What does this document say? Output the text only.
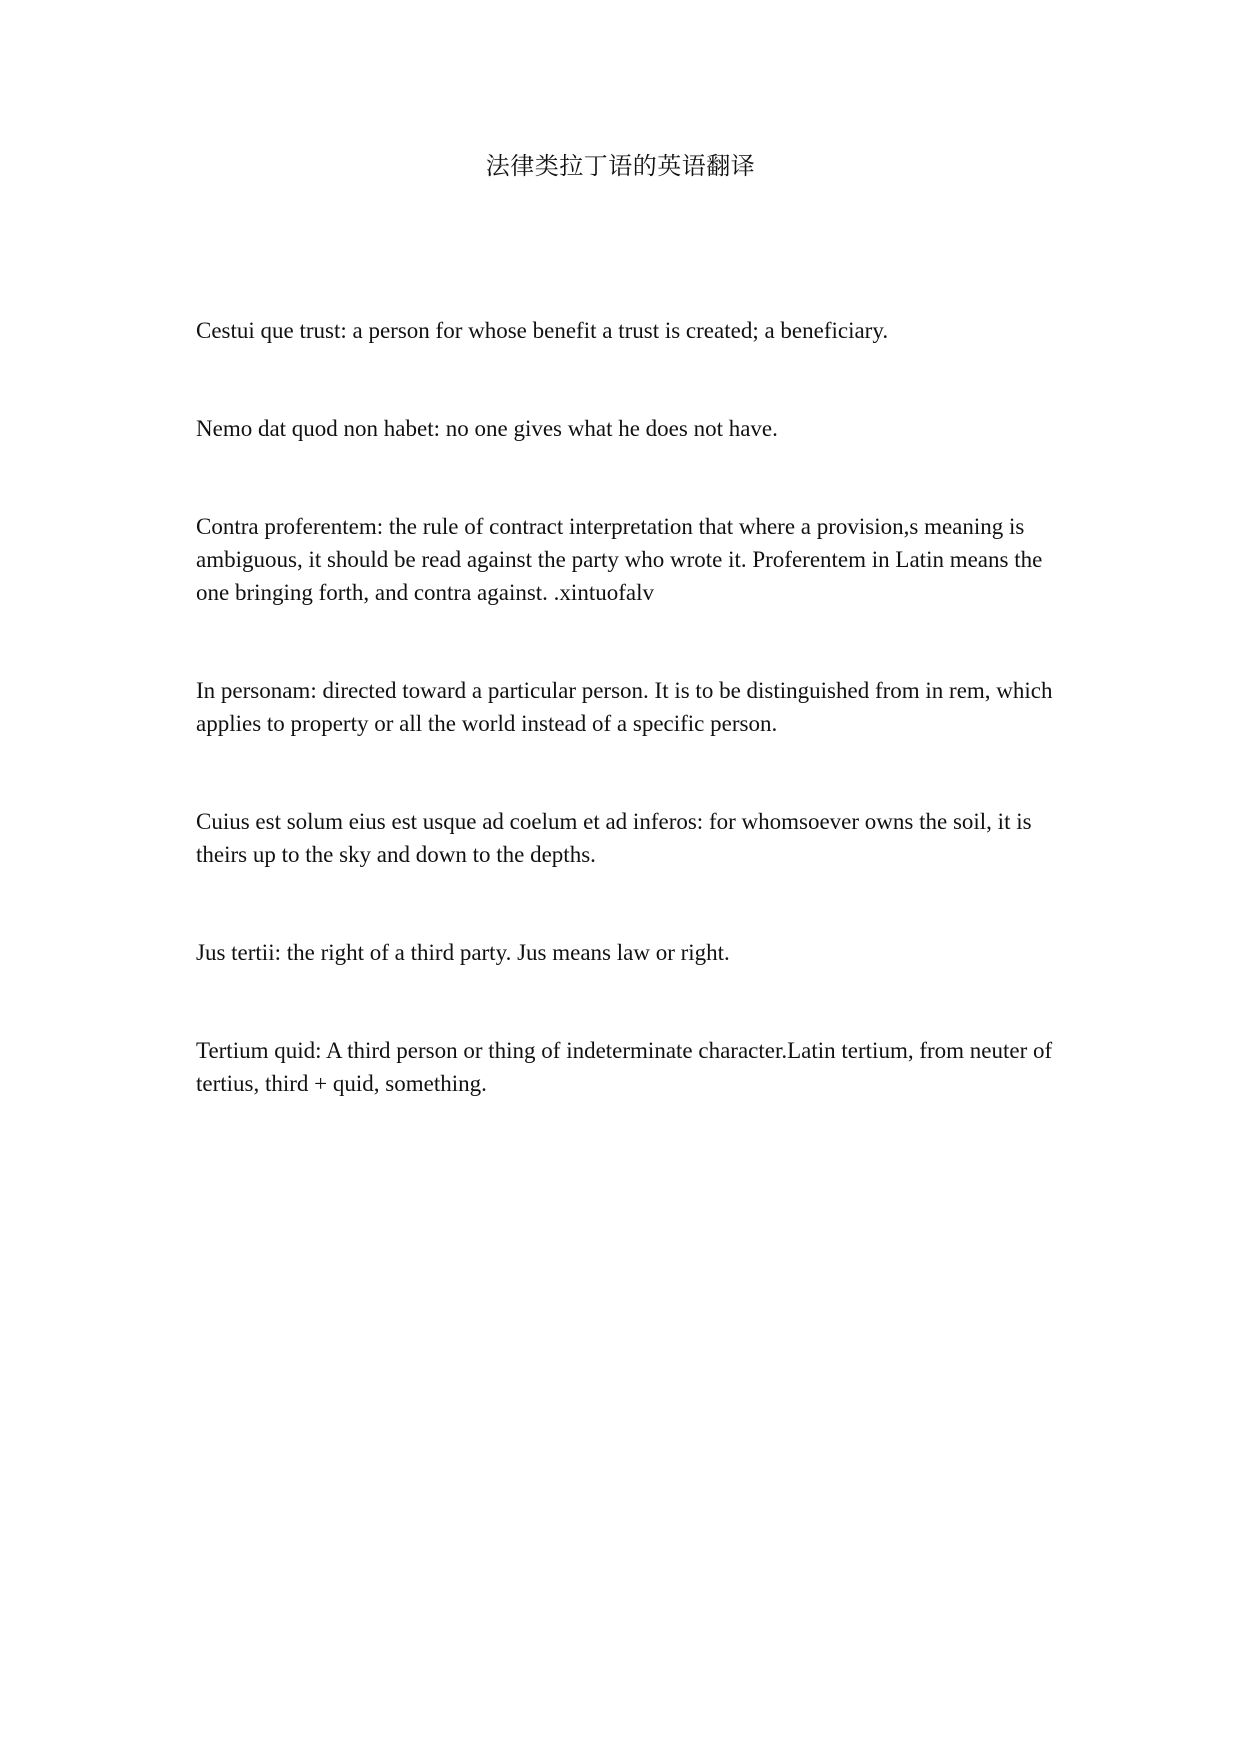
法律类拉丁语的英语翻译

Cestui que trust: a person for whose benefit a trust is created; a beneficiary.

Nemo dat quod non habet: no one gives what he does not have.

Contra proferentem: the rule of contract interpretation that where a provision,s meaning is ambiguous, it should be read against the party who wrote it. Proferentem in Latin means the one bringing forth, and contra against. .xintuofalv

In personam: directed toward a particular person. It is to be distinguished from in rem, which applies to property or all the world instead of a specific person.

Cuius est solum eius est usque ad coelum et ad inferos: for whomsoever owns the soil, it is theirs up to the sky and down to the depths.

Jus tertii: the right of a third party. Jus means law or right.

Tertium quid: A third person or thing of indeterminate character.Latin tertium, from neuter of tertius, third + quid, something.
